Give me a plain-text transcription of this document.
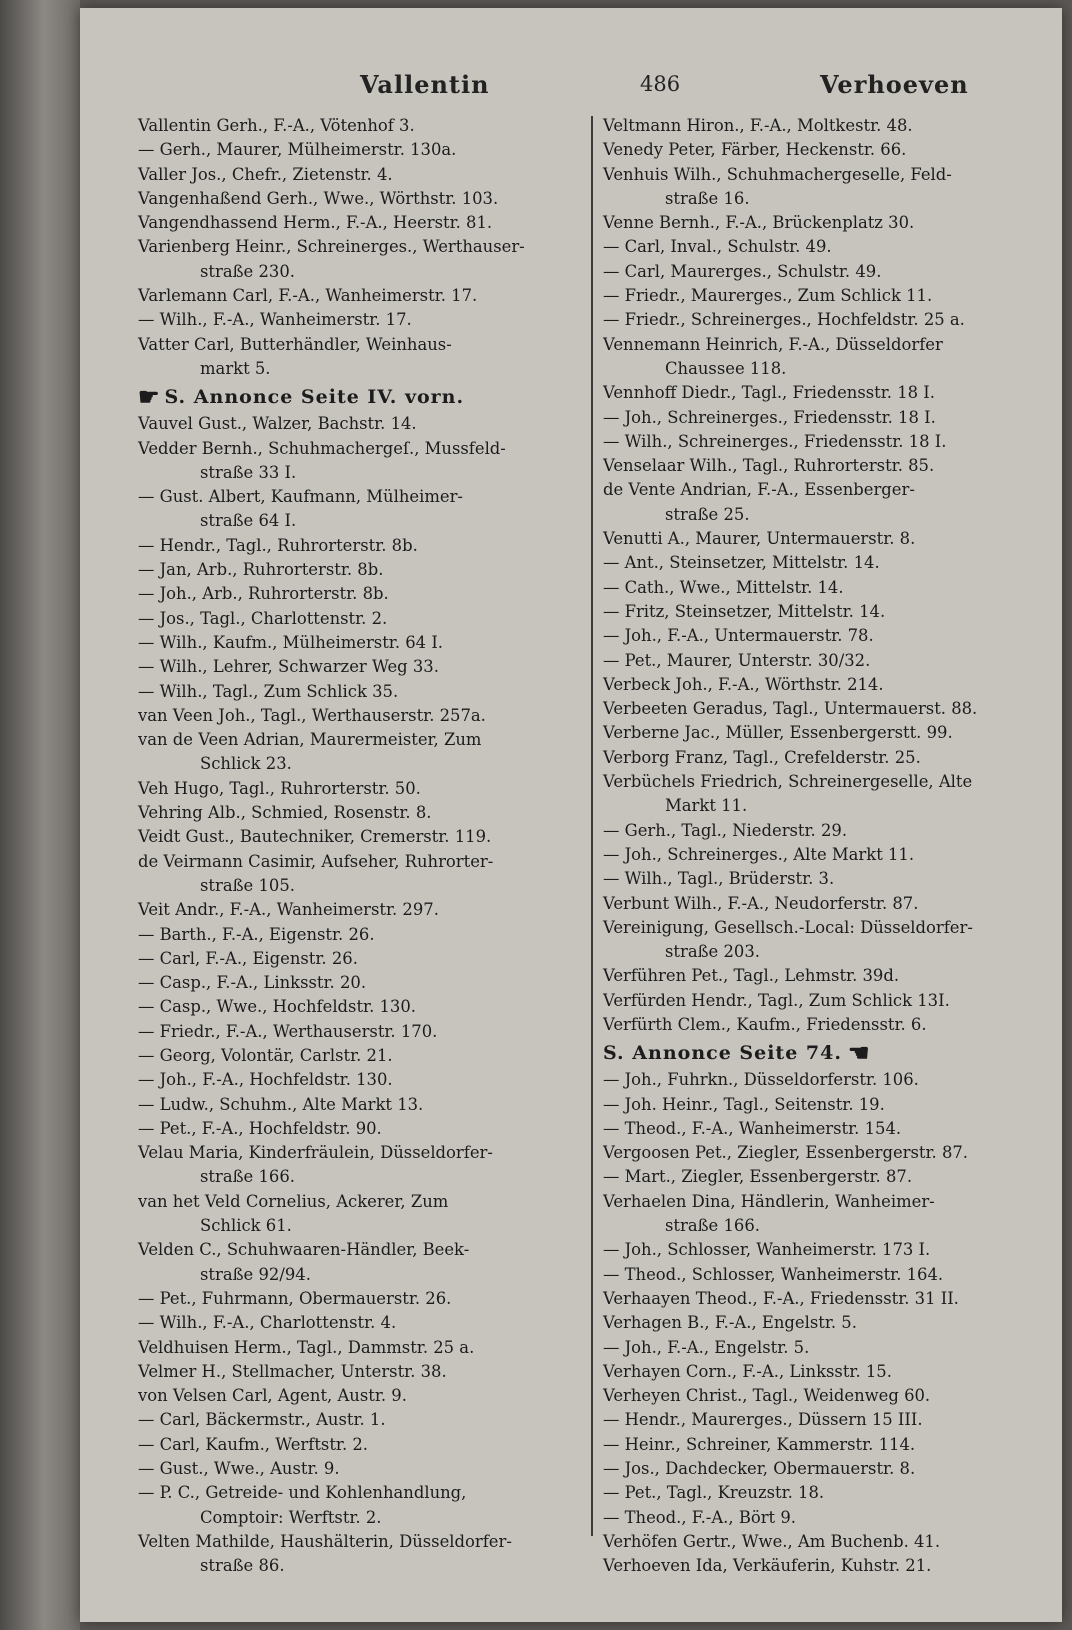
Vallentin	486	Verhoeven
Vallentin Gerh., F.-A., Vötenhof 3.
— Gerh., Maurer, Mülheimerstr. 130a.
Valler Jos., Chefr., Zietenstr. 4.
Vangenhaßend Gerh., Wwe., Wörthstr. 103.
Vangendhassend Herm., F.-A., Heerstr. 81.
Varienberg Heinr., Schreinerges., Werthauser-
straße 230.
Varlemann Carl, F.-A., Wanheimerstr. 17.
— Wilh., F.-A., Wanheimerstr. 17.
Vatter Carl, Butterhändler, Weinhaus-
markt 5.
☛ S. Annonce Seite IV. vorn.
Vauvel Gust., Walzer, Bachstr. 14.
Vedder Bernh., Schuhmachergeſ., Mussfeld-
straße 33 I.
— Gust. Albert, Kaufmann, Mülheimer-
straße 64 I.
— Hendr., Tagl., Ruhrorterstr. 8b.
— Jan, Arb., Ruhrorterstr. 8b.
— Joh., Arb., Ruhrorterstr. 8b.
— Jos., Tagl., Charlottenstr. 2.
— Wilh., Kaufm., Mülheimerstr. 64 I.
— Wilh., Lehrer, Schwarzer Weg 33.
— Wilh., Tagl., Zum Schlick 35.
van Veen Joh., Tagl., Werthauserstr. 257a.
van de Veen Adrian, Maurermeister, Zum
Schlick 23.
Veh Hugo, Tagl., Ruhrorterstr. 50.
Vehring Alb., Schmied, Rosenstr. 8.
Veidt Gust., Bautechniker, Cremerstr. 119.
de Veirmann Casimir, Aufseher, Ruhrorter-
straße 105.
Veit Andr., F.-A., Wanheimerstr. 297.
— Barth., F.-A., Eigenstr. 26.
— Carl, F.-A., Eigenstr. 26.
— Casp., F.-A., Linksstr. 20.
— Casp., Wwe., Hochfeldstr. 130.
— Friedr., F.-A., Werthauserstr. 170.
— Georg, Volontär, Carlstr. 21.
— Joh., F.-A., Hochfeldstr. 130.
— Ludw., Schuhm., Alte Markt 13.
— Pet., F.-A., Hochfeldstr. 90.
Velau Maria, Kinderfräulein, Düsseldorfer-
straße 166.
van het Veld Cornelius, Ackerer, Zum
Schlick 61.
Velden C., Schuhwaaren-Händler, Beek-
straße 92/94.
— Pet., Fuhrmann, Obermauerstr. 26.
— Wilh., F.-A., Charlottenstr. 4.
Veldhuisen Herm., Tagl., Dammstr. 25 a.
Velmer H., Stellmacher, Unterstr. 38.
von Velsen Carl, Agent, Austr. 9.
— Carl, Bäckermstr., Austr. 1.
— Carl, Kaufm., Werftstr. 2.
— Gust., Wwe., Austr. 9.
— P. C., Getreide- und Kohlenhandlung,
Comptoir: Werftstr. 2.
Velten Mathilde, Haushälterin, Düsseldorfer-
straße 86.
Veltmann Hiron., F.-A., Moltkestr. 48.
Venedy Peter, Färber, Heckenstr. 66.
Venhuis Wilh., Schuhmachergeselle, Feld-
straße 16.
Venne Bernh., F.-A., Brückenplatz 30.
— Carl, Inval., Schulstr. 49.
— Carl, Maurerges., Schulstr. 49.
— Friedr., Maurerges., Zum Schlick 11.
— Friedr., Schreinerges., Hochfeldstr. 25 a.
Vennemann Heinrich, F.-A., Düsseldorfer
Chaussee 118.
Vennhoff Diedr., Tagl., Friedensstr. 18 I.
— Joh., Schreinerges., Friedensstr. 18 I.
— Wilh., Schreinerges., Friedensstr. 18 I.
Venselaar Wilh., Tagl., Ruhrorterstr. 85.
de Vente Andrian, F.-A., Essenberger-
straße 25.
Venutti A., Maurer, Untermauerstr. 8.
— Ant., Steinsetzer, Mittelstr. 14.
— Cath., Wwe., Mittelstr. 14.
— Fritz, Steinsetzer, Mittelstr. 14.
— Joh., F.-A., Untermauerstr. 78.
— Pet., Maurer, Unterstr. 30/32.
Verbeck Joh., F.-A., Wörthstr. 214.
Verbeeten Geradus, Tagl., Untermauerst. 88.
Verberne Jac., Müller, Essenbergerstt. 99.
Verborg Franz, Tagl., Crefelderstr. 25.
Verbüchels Friedrich, Schreinergeselle, Alte
Markt 11.
— Gerh., Tagl., Niederstr. 29.
— Joh., Schreinerges., Alte Markt 11.
— Wilh., Tagl., Brüderstr. 3.
Verbunt Wilh., F.-A., Neudorferstr. 87.
Vereinigung, Gesellsch.-Local: Düsseldorfer-
straße 203.
Verführen Pet., Tagl., Lehmstr. 39d.
Verfürden Hendr., Tagl., Zum Schlick 13I.
Verfürth Clem., Kaufm., Friedensstr. 6.
S. Annonce Seite 74. ☚
— Joh., Fuhrkn., Düsseldorferstr. 106.
— Joh. Heinr., Tagl., Seitenstr. 19.
— Theod., F.-A., Wanheimerstr. 154.
Vergoosen Pet., Ziegler, Essenbergerstr. 87.
— Mart., Ziegler, Essenbergerstr. 87.
Verhaelen Dina, Händlerin, Wanheimer-
straße 166.
— Joh., Schlosser, Wanheimerstr. 173 I.
— Theod., Schlosser, Wanheimerstr. 164.
Verhaayen Theod., F.-A., Friedensstr. 31 II.
Verhagen B., F.-A., Engelstr. 5.
— Joh., F.-A., Engelstr. 5.
Verhayen Corn., F.-A., Linksstr. 15.
Verheyen Christ., Tagl., Weidenweg 60.
— Hendr., Maurerges., Düssern 15 III.
— Heinr., Schreiner, Kammerstr. 114.
— Jos., Dachdecker, Obermauerstr. 8.
— Pet., Tagl., Kreuzstr. 18.
— Theod., F.-A., Bört 9.
Verhöfen Gertr., Wwe., Am Buchenb. 41.
Verhoeven Ida, Verkäuferin, Kuhstr. 21.
